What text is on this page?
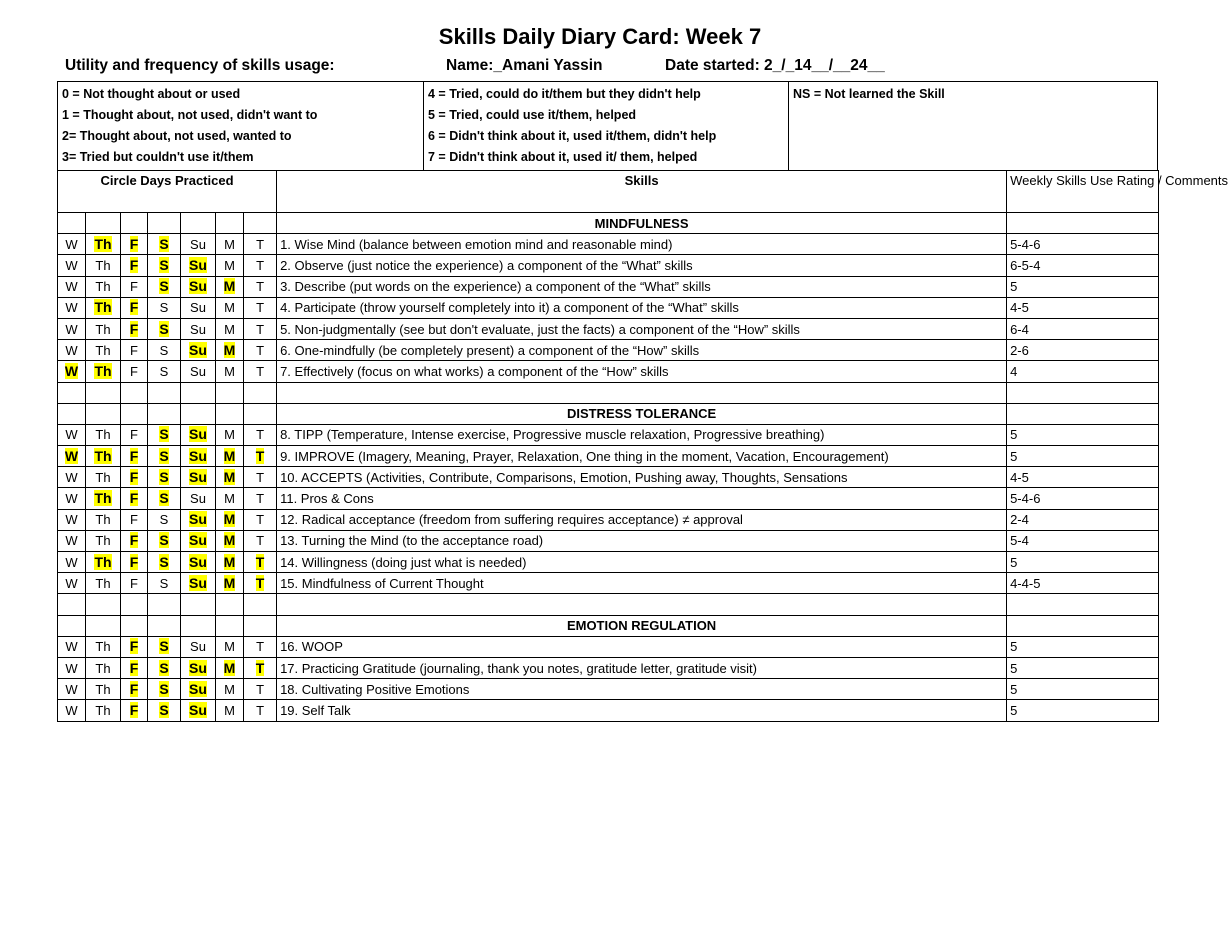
Skills Daily Diary Card: Week 7
Utility and frequency of skills usage:	Name:_Amani Yassin	Date started: 2_/_14__/__24__
0 = Not thought about or used
1 = Thought about, not used, didn't want to
2= Thought about, not used, wanted to
3= Tried but couldn't use it/them

4 = Tried, could do it/them but they didn't help
5 = Tried, could use it/them, helped
6 = Didn't think about it, used it/them, didn't help
7 = Didn't think about it, used it/ them, helped

NS = Not learned the Skill
Circle Days Practiced							Skills	Weekly Skills Use Rating / Comments
							MINDFULNESS	
W	Th	F	S	Su	M	T	1. Wise Mind (balance between emotion mind and reasonable mind)	5-4-6
W	Th	F	S	Su	M	T	2. Observe (just notice the experience) a component of the “What” skills	6-5-4
W	Th	F	S	Su	M	T	3. Describe (put words on the experience) a component of the “What” skills	5
W	Th	F	S	Su	M	T	4. Participate (throw yourself completely into it) a component of the “What” skills	4-5
W	Th	F	S	Su	M	T	5. Non-judgmentally (see but don't evaluate, just the facts) a component of the “How” skills	6-4
W	Th	F	S	Su	M	T	6. One-mindfully (be completely present) a component of the “How” skills	2-6
W	Th	F	S	Su	M	T	7. Effectively (focus on what works) a component of the “How” skills	4

							DISTRESS TOLERANCE	
W	Th	F	S	Su	M	T	8. TIPP (Temperature, Intense exercise, Progressive muscle relaxation, Progressive breathing)	5
W	Th	F	S	Su	M	T	9. IMPROVE (Imagery, Meaning, Prayer, Relaxation, One thing in the moment, Vacation, Encouragement)	5
W	Th	F	S	Su	M	T	10. ACCEPTS (Activities, Contribute, Comparisons, Emotion, Pushing away, Thoughts, Sensations	4-5
W	Th	F	S	Su	M	T	11. Pros & Cons	5-4-6
W	Th	F	S	Su	M	T	12. Radical acceptance (freedom from suffering requires acceptance) ≠ approval	2-4
W	Th	F	S	Su	M	T	13. Turning the Mind (to the acceptance road)	5-4
W	Th	F	S	Su	M	T	14. Willingness (doing just what is needed)	5
W	Th	F	S	Su	M	T	15. Mindfulness of Current Thought	4-4-5

							EMOTION REGULATION	
W	Th	F	S	Su	M	T	16. WOOP	5
W	Th	F	S	Su	M	T	17. Practicing Gratitude (journaling, thank you notes, gratitude letter, gratitude visit)	5
W	Th	F	S	Su	M	T	18. Cultivating Positive Emotions	5
W	Th	F	S	Su	M	T	19. Self Talk	5
